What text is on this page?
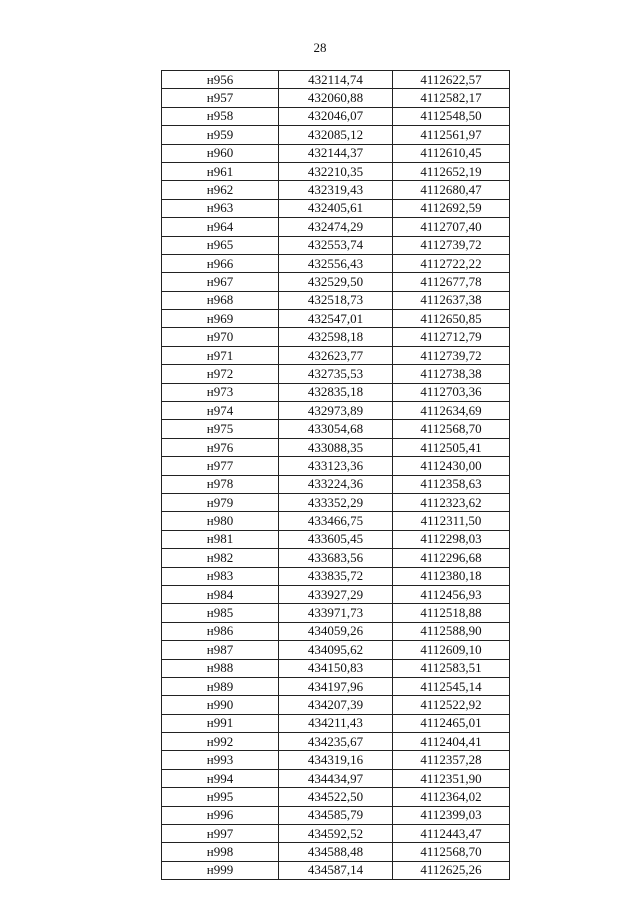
28
н956	432114,74	4112622,57
н957	432060,88	4112582,17
н958	432046,07	4112548,50
н959	432085,12	4112561,97
н960	432144,37	4112610,45
н961	432210,35	4112652,19
н962	432319,43	4112680,47
н963	432405,61	4112692,59
н964	432474,29	4112707,40
н965	432553,74	4112739,72
н966	432556,43	4112722,22
н967	432529,50	4112677,78
н968	432518,73	4112637,38
н969	432547,01	4112650,85
н970	432598,18	4112712,79
н971	432623,77	4112739,72
н972	432735,53	4112738,38
н973	432835,18	4112703,36
н974	432973,89	4112634,69
н975	433054,68	4112568,70
н976	433088,35	4112505,41
н977	433123,36	4112430,00
н978	433224,36	4112358,63
н979	433352,29	4112323,62
н980	433466,75	4112311,50
н981	433605,45	4112298,03
н982	433683,56	4112296,68
н983	433835,72	4112380,18
н984	433927,29	4112456,93
н985	433971,73	4112518,88
н986	434059,26	4112588,90
н987	434095,62	4112609,10
н988	434150,83	4112583,51
н989	434197,96	4112545,14
н990	434207,39	4112522,92
н991	434211,43	4112465,01
н992	434235,67	4112404,41
н993	434319,16	4112357,28
н994	434434,97	4112351,90
н995	434522,50	4112364,02
н996	434585,79	4112399,03
н997	434592,52	4112443,47
н998	434588,48	4112568,70
н999	434587,14	4112625,26
